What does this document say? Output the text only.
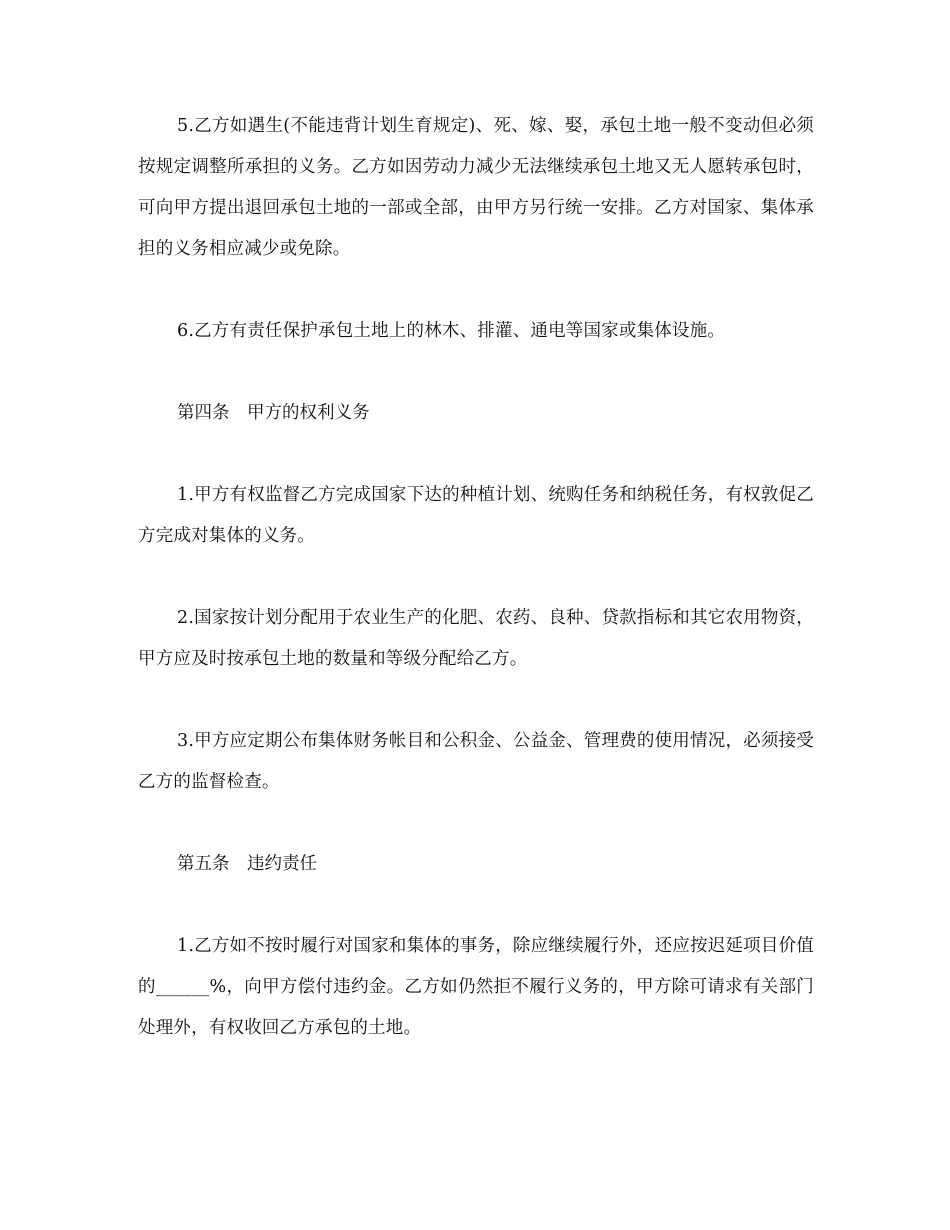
5.乙方如遇生(不能违背计划生育规定)、死、嫁、娶，承包土地一般不变动但必须按规定调整所承担的义务。乙方如因劳动力减少无法继续承包土地又无人愿转承包时，可向甲方提出退回承包土地的一部或全部，由甲方另行统一安排。乙方对国家、集体承担的义务相应减少或免除。

6.乙方有责任保护承包土地上的林木、排灌、通电等国家或集体设施。

第四条　甲方的权利义务

1.甲方有权监督乙方完成国家下达的种植计划、统购任务和纳税任务，有权敦促乙方完成对集体的义务。

2.国家按计划分配用于农业生产的化肥、农药、良种、贷款指标和其它农用物资，甲方应及时按承包土地的数量和等级分配给乙方。

3.甲方应定期公布集体财务帐目和公积金、公益金、管理费的使用情况，必须接受乙方的监督检查。

第五条　违约责任

1.乙方如不按时履行对国家和集体的事务，除应继续履行外，还应按迟延项目价值的______%，向甲方偿付违约金。乙方如仍然拒不履行义务的，甲方除可请求有关部门处理外，有权收回乙方承包的土地。
